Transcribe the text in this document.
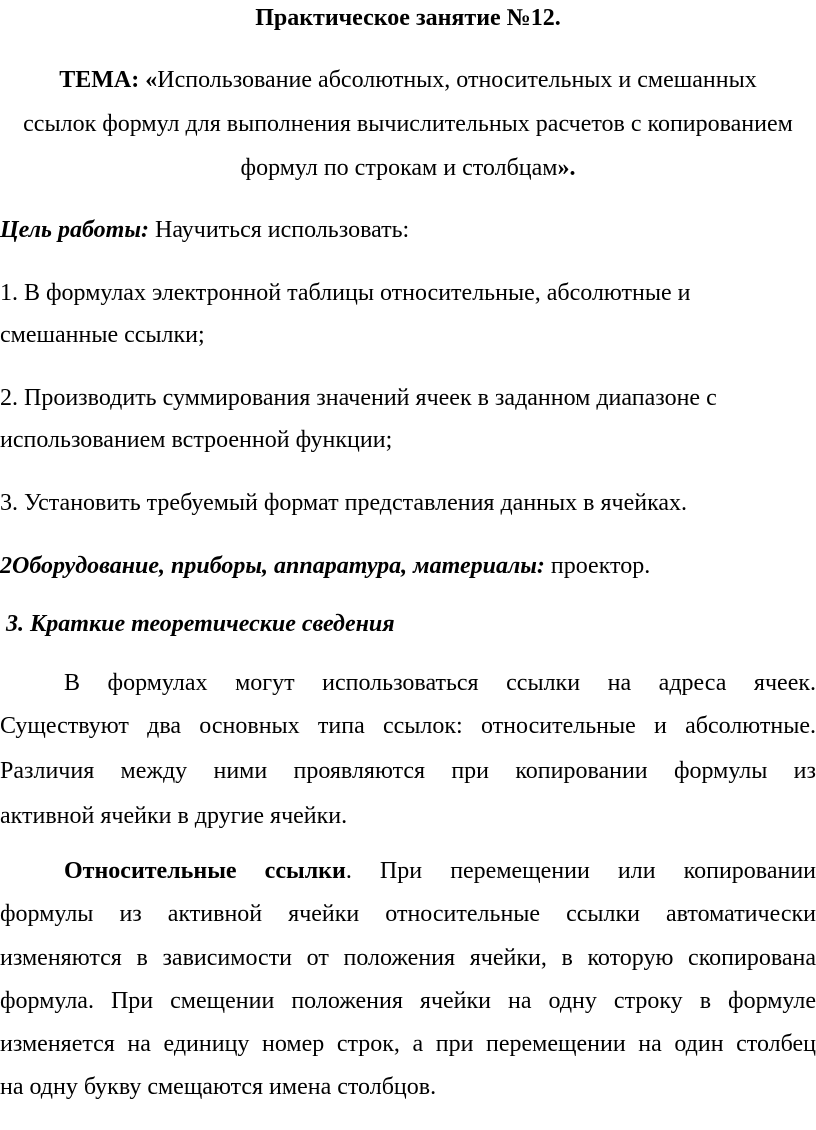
Практическое занятие №12.
ТЕМА: «Использование абсолютных, относительных и смешанных ссылок формул для выполнения вычислительных расчетов с копированием формул по строкам и столбцам».
Цель работы: Научиться использовать:
1. В формулах электронной таблицы относительные, абсолютные и
смешанные ссылки;
2. Производить суммирования значений ячеек в заданном диапазоне с
использованием встроенной функции;
3. Установить требуемый формат представления данных в ячейках.
2Оборудование, приборы, аппаратура, материалы: проектор.
3. Краткие теоретические сведения
В формулах могут использоваться ссылки на адреса ячеек.
Существуют два основных типа ссылок: относительные и абсолютные.
Различия между ними проявляются при копировании формулы из
активной ячейки в другие ячейки.
Относительные ссылки. При перемещении или копировании
формулы из активной ячейки относительные ссылки автоматически
изменяются в зависимости от положения ячейки, в которую скопирована
формула. При смещении положения ячейки на одну строку в формуле
изменяется на единицу номер строк, а при перемещении на один столбец
на одну букву смещаются имена столбцов.
